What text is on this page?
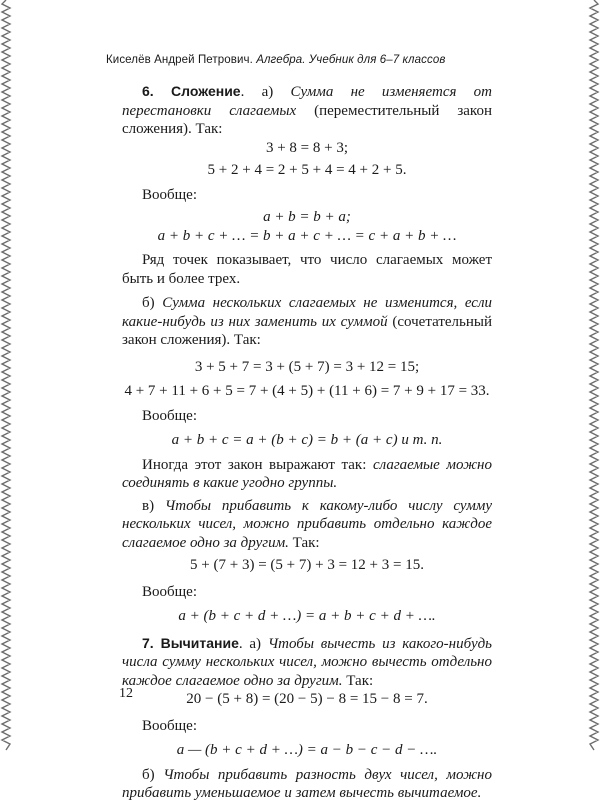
Киселёв Андрей Петрович. Алгебра. Учебник для 6–7 классов

6. Сложение. а) Сумма не изменяется от перестановки слагаемых (переместительный закон сложения). Так:

3 + 8 = 8 + 3;
5 + 2 + 4 = 2 + 5 + 4 = 4 + 2 + 5.
Вообще:
a + b = b + a;
a + b + c + … = b + a + c + … = c + a + b + …

Ряд точек показывает, что число слагаемых может быть и более трех.

б) Сумма нескольких слагаемых не изменится, если какие-нибудь из них заменить их суммой (сочетательный закон сложения). Так:

3 + 5 + 7 = 3 + (5 + 7) = 3 + 12 = 15;
4 + 7 + 11 + 6 + 5 = 7 + (4 + 5) + (11 + 6) = 7 + 9 + 17 = 33.
Вообще:
a + b + c = a + (b + c) = b + (a + c) и т. п.

Иногда этот закон выражают так: слагаемые можно соединять в какие угодно группы.

в) Чтобы прибавить к какому-либо числу сумму нескольких чисел, можно прибавить отдельно каждое слагаемое одно за другим. Так:

5 + (7 + 3) = (5 + 7) + 3 = 12 + 3 = 15.
Вообще:
a + (b + c + d + …) = a + b + c + d + ….

7. Вычитание. а) Чтобы вычесть из какого-нибудь числа сумму нескольких чисел, можно вычесть отдельно каждое слагаемое одно за другим. Так:

20 − (5 + 8) = (20 − 5) − 8 = 15 − 8 = 7.
Вообще:
a — (b + c + d + …) = a − b − c − d − ….

б) Чтобы прибавить разность двух чисел, можно прибавить уменьшаемое и затем вычесть вычитаемое.

12
